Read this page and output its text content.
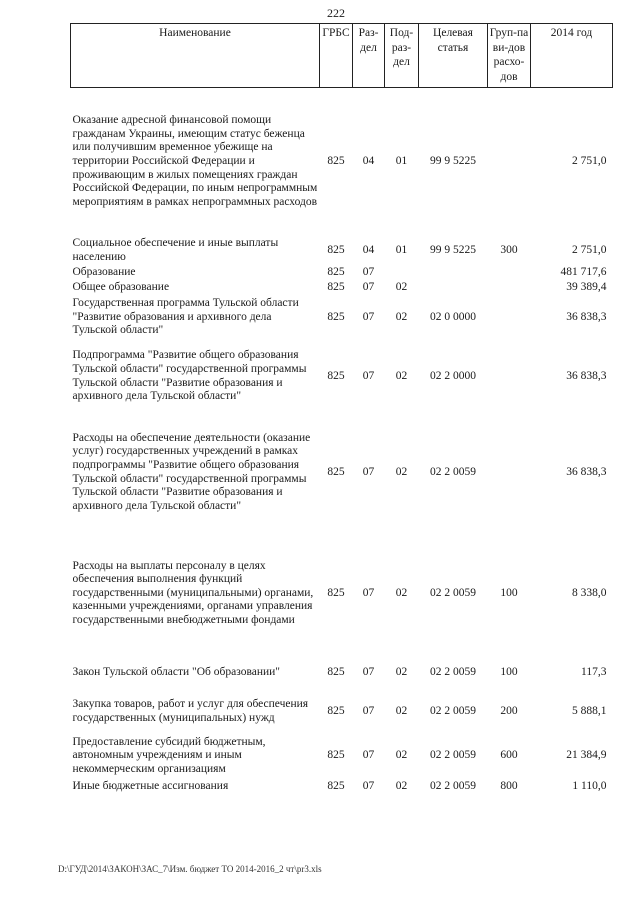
222
Наименование	ГРБС	Раз-дел	Под-раз-дел	Целевая статья	Груп-па ви-дов расхо-дов	2014 год
Оказание адресной финансовой помощи гражданам Украины, имеющим статус беженца или получившим временное убежище на территории Российской Федерации и проживающим в жилых помещениях граждан Российской Федерации, по иным непрограммным мероприятиям в рамках непрограммных расходов	825	04	01	99 9 5225		2 751,0
Социальное обеспечение и иные выплаты населению	825	04	01	99 9 5225	300	2 751,0
Образование	825	07				481 717,6
Общее образование	825	07	02			39 389,4
Государственная программа Тульской области "Развитие образования и архивного дела Тульской области"	825	07	02	02 0 0000		36 838,3
Подпрограмма "Развитие общего образования Тульской области" государственной программы Тульской области "Развитие образования и архивного дела Тульской области"	825	07	02	02 2 0000		36 838,3
Расходы на обеспечение деятельности (оказание услуг) государственных учреждений в рамках подпрограммы "Развитие общего образования Тульской области" государственной программы Тульской области "Развитие образования и архивного дела Тульской области"	825	07	02	02 2 0059		36 838,3
Расходы на выплаты персоналу в целях обеспечения выполнения функций государственными (муниципальными) органами, казенными учреждениями, органами управления государственными внебюджетными фондами	825	07	02	02 2 0059	100	8 338,0
Закон Тульской области "Об образовании"	825	07	02	02 2 0059	100	117,3
Закупка товаров, работ и услуг для обеспечения государственных (муниципальных) нужд	825	07	02	02 2 0059	200	5 888,1
Предоставление субсидий бюджетным, автономным учреждениям и иным некоммерческим организациям	825	07	02	02 2 0059	600	21 384,9
Иные бюджетные ассигнования	825	07	02	02 2 0059	800	1 110,0
D:\ГУД\2014\ЗАКОН\ЗАС_7\Изм. бюджет ТО 2014-2016_2 чт\pr3.xls
